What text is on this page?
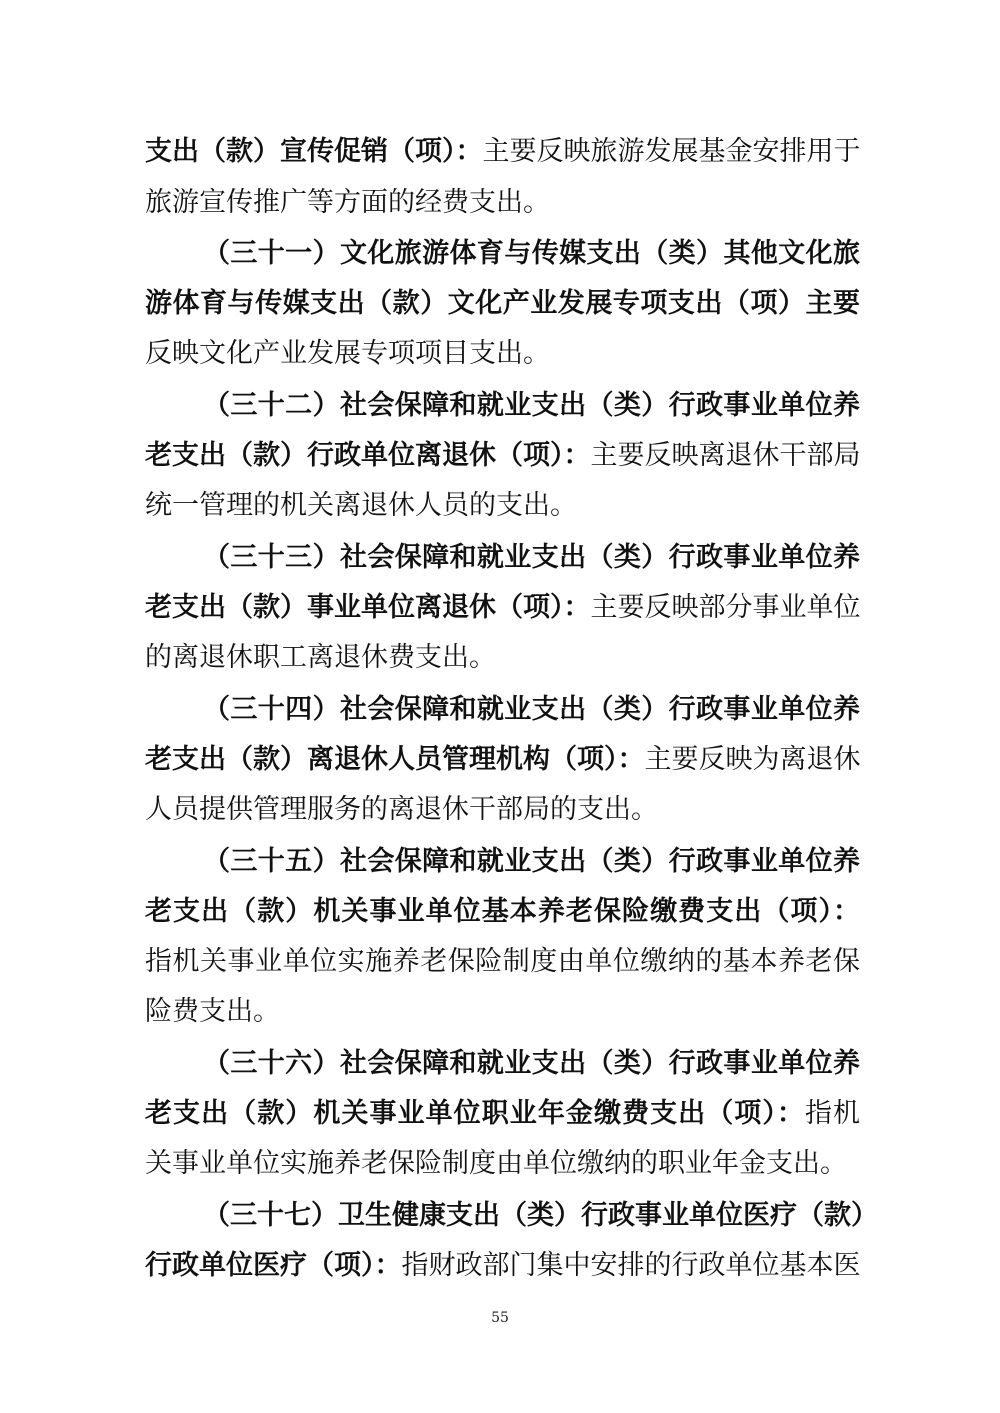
支出（款）宣传促销（项）：主要反映旅游发展基金安排用于
旅游宣传推广等方面的经费支出。
（三十一）文化旅游体育与传媒支出（类）其他文化旅
游体育与传媒支出（款）文化产业发展专项支出（项）主要
反映文化产业发展专项项目支出。
（三十二）社会保障和就业支出（类）行政事业单位养
老支出（款）行政单位离退休（项）：主要反映离退休干部局
统一管理的机关离退休人员的支出。
（三十三）社会保障和就业支出（类）行政事业单位养
老支出（款）事业单位离退休（项）：主要反映部分事业单位
的离退休职工离退休费支出。
（三十四）社会保障和就业支出（类）行政事业单位养
老支出（款）离退休人员管理机构（项）：主要反映为离退休
人员提供管理服务的离退休干部局的支出。
（三十五）社会保障和就业支出（类）行政事业单位养
老支出（款）机关事业单位基本养老保险缴费支出（项）：
指机关事业单位实施养老保险制度由单位缴纳的基本养老保
险费支出。
（三十六）社会保障和就业支出（类）行政事业单位养
老支出（款）机关事业单位职业年金缴费支出（项）：指机
关事业单位实施养老保险制度由单位缴纳的职业年金支出。
（三十七）卫生健康支出（类）行政事业单位医疗（款）
行政单位医疗（项）：指财政部门集中安排的行政单位基本医
55
